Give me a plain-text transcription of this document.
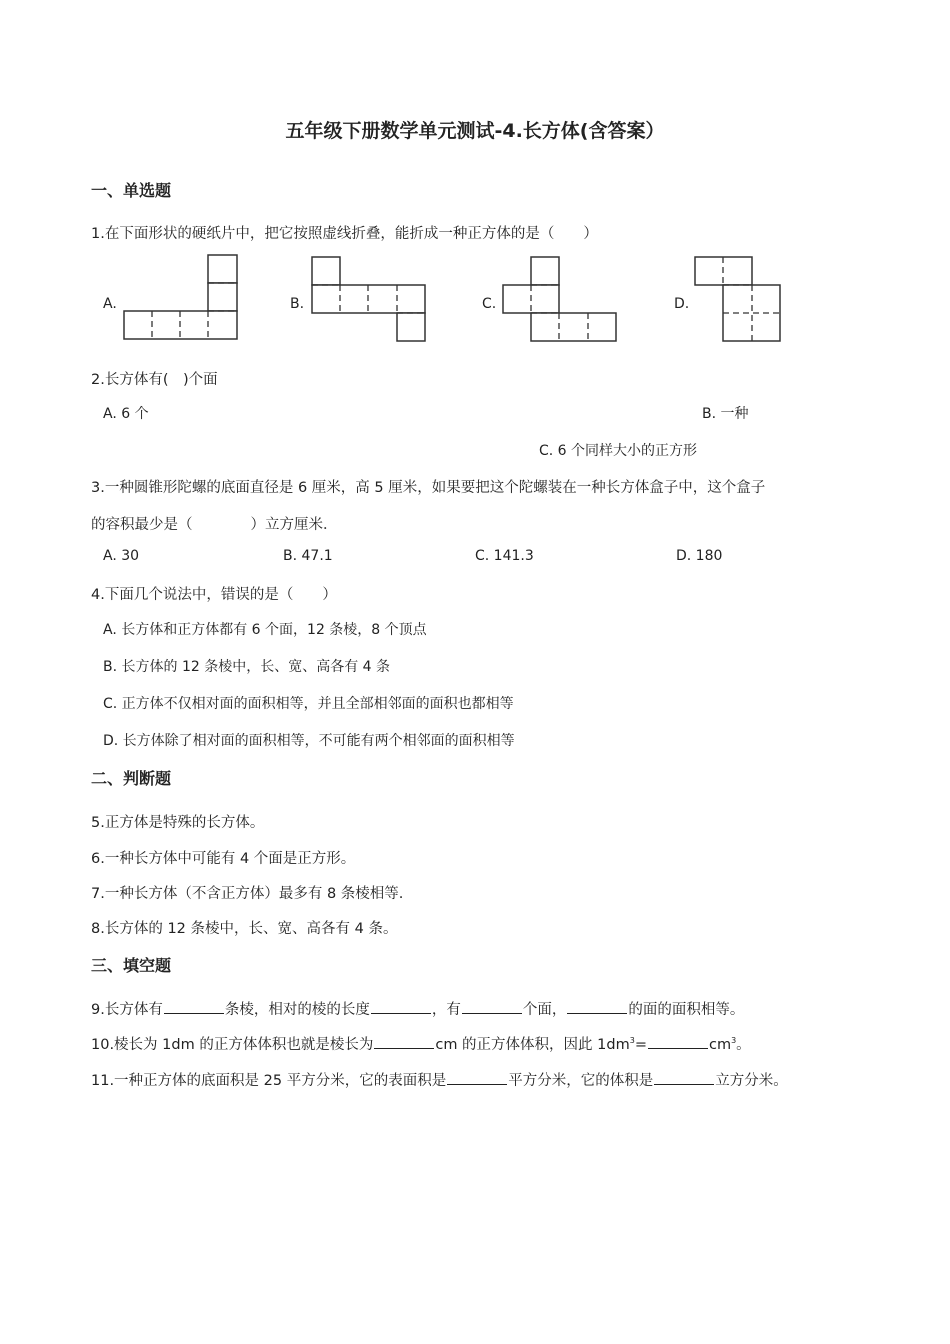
五年级下册数学单元测试-4.长方体(含答案）
一、单选题
1.在下面形状的硬纸片中，把它按照虚线折叠，能折成一种正方体的是（　　）
A.	B.	C.	D.
2.长方体有(　)个面
A. 6 个	B. 一种
C. 6 个同样大小的正方形
3.一种圆锥形陀螺的底面直径是 6 厘米，高 5 厘米，如果要把这个陀螺装在一种长方体盒子中，这个盒子
的容积最少是（　　　　）立方厘米．
A. 30	B. 47.1	C. 141.3	D. 180
4.下面几个说法中，错误的是（　　）
A. 长方体和正方体都有 6 个面，12 条棱，8 个顶点
B. 长方体的 12 条棱中，长、宽、高各有 4 条
C. 正方体不仅相对面的面积相等，并且全部相邻面的面积也都相等
D. 长方体除了相对面的面积相等，不可能有两个相邻面的面积相等
二、判断题
5.正方体是特殊的长方体。
6.一种长方体中可能有 4 个面是正方形。
7.一种长方体（不含正方体）最多有 8 条棱相等.
8.长方体的 12 条棱中，长、宽、高各有 4 条。
三、填空题
9.长方体有	条棱，相对的棱的长度	，有	个面，	的面的面积相等。
10.棱长为 1dm 的正方体体积也就是棱长为	cm 的正方体体积，因此 $1dm^3=$	$cm^3$。
11.一种正方体的底面积是 25 平方分米，它的表面积是	平方分米，它的体积是	立方分米。
